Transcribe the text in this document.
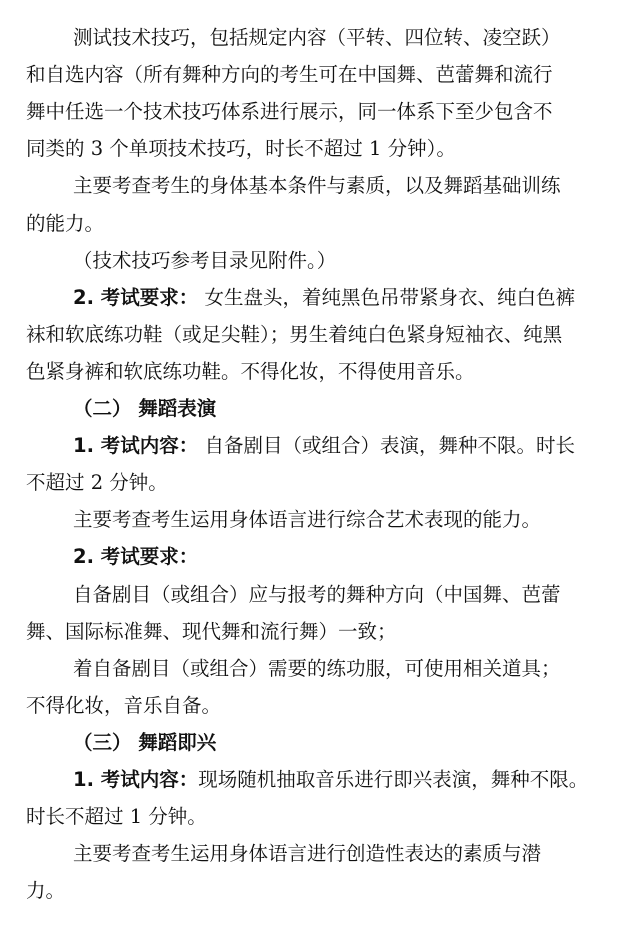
测试技术技巧，包括规定内容（平转、四位转、凌空跃）
和自选内容（所有舞种方向的考生可在中国舞、芭蕾舞和流行
舞中任选一个技术技巧体系进行展示，同一体系下至少包含不
同类的 3 个单项技术技巧，时长不超过 1 分钟）。
主要考查考生的身体基本条件与素质，以及舞蹈基础训练
的能力。
（技术技巧参考目录见附件。）
2. 考试要求： 女生盘头，着纯黑色吊带紧身衣、纯白色裤
袜和软底练功鞋（或足尖鞋）；男生着纯白色紧身短袖衣、纯黑
色紧身裤和软底练功鞋。不得化妆，不得使用音乐。
（二） 舞蹈表演
1. 考试内容： 自备剧目（或组合）表演，舞种不限。时长
不超过 2 分钟。
主要考查考生运用身体语言进行综合艺术表现的能力。
2. 考试要求：
自备剧目（或组合）应与报考的舞种方向（中国舞、芭蕾
舞、国际标准舞、现代舞和流行舞）一致；
着自备剧目（或组合）需要的练功服，可使用相关道具；
不得化妆，音乐自备。
（三） 舞蹈即兴
1. 考试内容：现场随机抽取音乐进行即兴表演，舞种不限。
时长不超过 1 分钟。
主要考查考生运用身体语言进行创造性表达的素质与潜
力。
